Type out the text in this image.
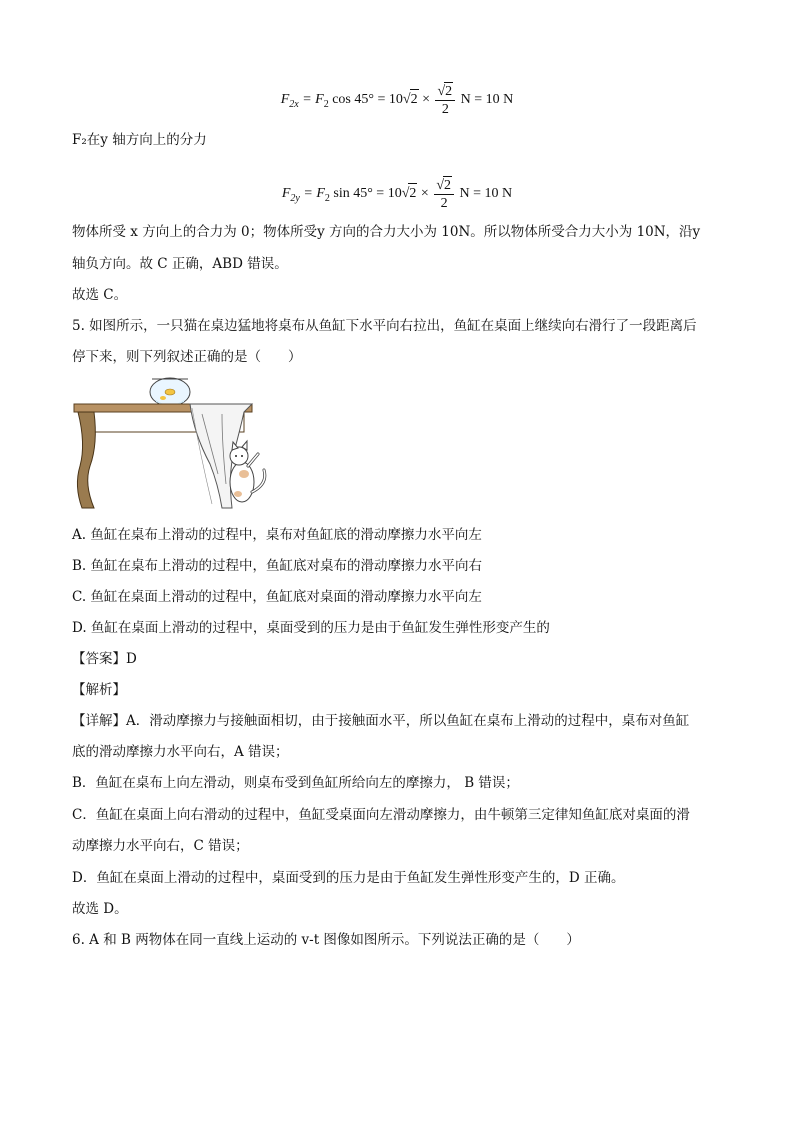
$F_{2x} = F_2$ $\cos 45^\circ = 10√2 \times \frac{√2}{2}$ N = 10 N
F₂在y 轴方向上的分力
$F_{2y} = F_2$ $\sin 45^\circ = 10√2 \times \frac{√2}{2}$ N = 10 N
物体所受 x 方向上的合力为 0；物体所受y 方向的合力大小为 10N。所以物体所受合力大小为 10N，沿y
轴负方向。故 C 正确，ABD 错误。
故选 C。
5. 如图所示，一只猫在桌边猛地将桌布从鱼缸下水平向右拉出，鱼缸在桌面上继续向右滑行了一段距离后
停下来，则下列叙述正确的是（　　）
A. 鱼缸在桌布上滑动的过程中，桌布对鱼缸底的滑动摩擦力水平向左
B. 鱼缸在桌布上滑动的过程中，鱼缸底对桌布的滑动摩擦力水平向右
C. 鱼缸在桌面上滑动的过程中，鱼缸底对桌面的滑动摩擦力水平向左
D. 鱼缸在桌面上滑动的过程中，桌面受到的压力是由于鱼缸发生弹性形变产生的
【答案】D
【解析】
【详解】A．滑动摩擦力与接触面相切，由于接触面水平，所以鱼缸在桌布上滑动的过程中，桌布对鱼缸
底的滑动摩擦力水平向右，A 错误；
B．鱼缸在桌布上向左滑动，则桌布受到鱼缸所给向左的摩擦力， B 错误；
C．鱼缸在桌面上向右滑动的过程中，鱼缸受桌面向左滑动摩擦力，由牛顿第三定律知鱼缸底对桌面的滑
动摩擦力水平向右，C 错误；
D．鱼缸在桌面上滑动的过程中，桌面受到的压力是由于鱼缸发生弹性形变产生的，D 正确。
故选 D。
6. A 和 B 两物体在同一直线上运动的 v-t 图像如图所示。下列说法正确的是（　　）
